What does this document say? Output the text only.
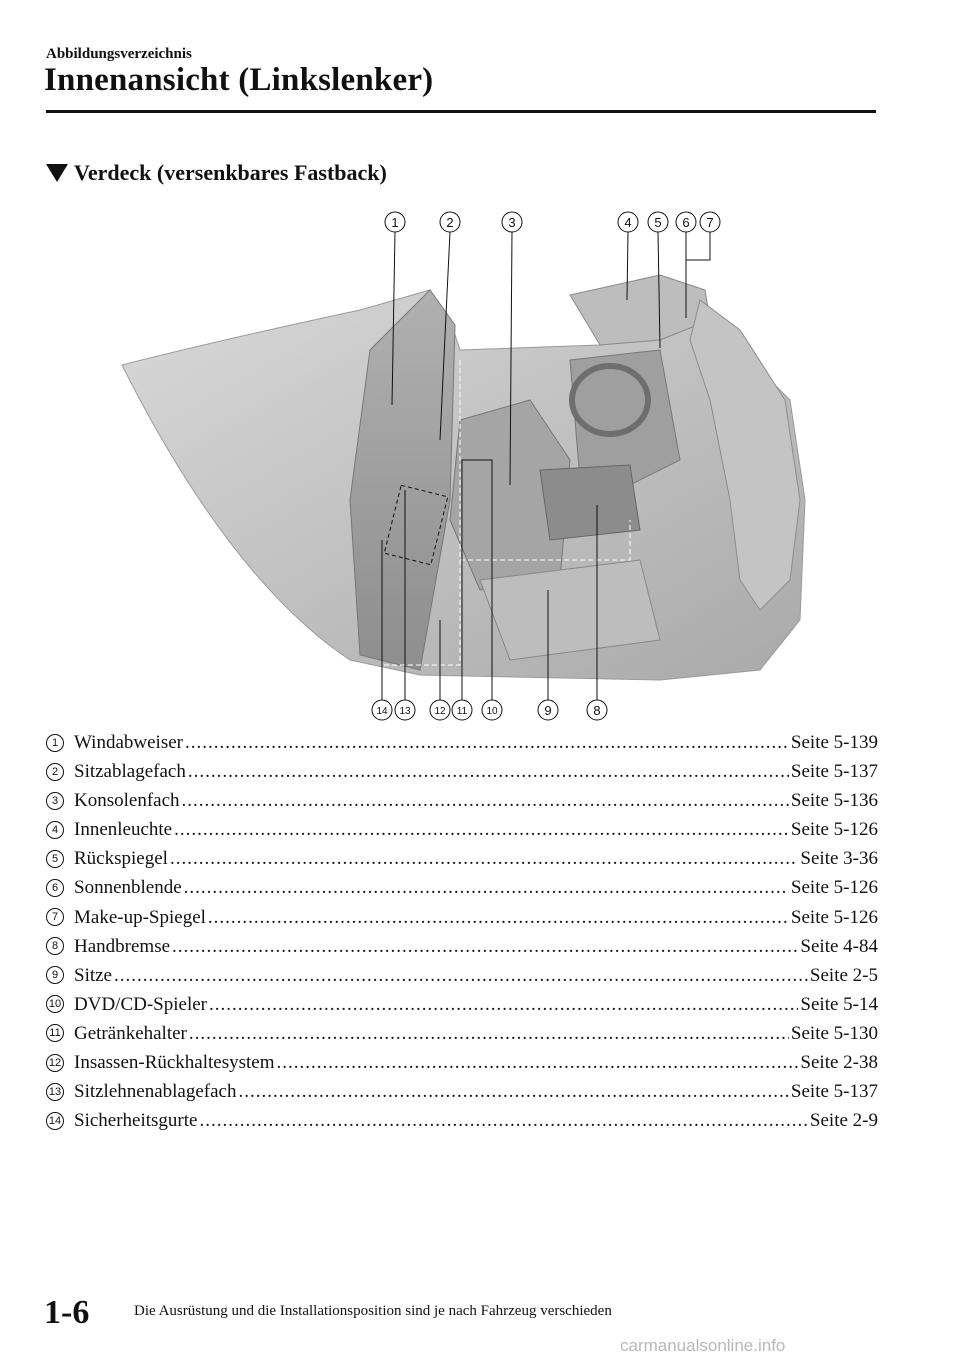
Abbildungsverzeichnis
Innenansicht (Linkslenker)
Verdeck (versenkbares Fastback)
1	2	3	4 5 6 7
14 13 12 11 10	9	8
1 Windabweiser .....	Seite 5-139
2 Sitzablagefach .....	Seite 5-137
3 Konsolenfach .....	Seite 5-136
4 Innenleuchte .....	Seite 5-126
5 Rückspiegel .....	Seite 3-36
6 Sonnenblende .....	Seite 5-126
7 Make-up-Spiegel .....	Seite 5-126
8 Handbremse .....	Seite 4-84
9 Sitze .....	Seite 2-5
10 DVD/CD-Spieler .....	Seite 5-14
11 Getränkehalter .....	Seite 5-130
12 Insassen-Rückhaltesystem .....	Seite 2-38
13 Sitzlehnenablagefach .....	Seite 5-137
14 Sicherheitsgurte .....	Seite 2-9
1-6	Die Ausrüstung und die Installationsposition sind je nach Fahrzeug verschieden
carmanualsonline.info
